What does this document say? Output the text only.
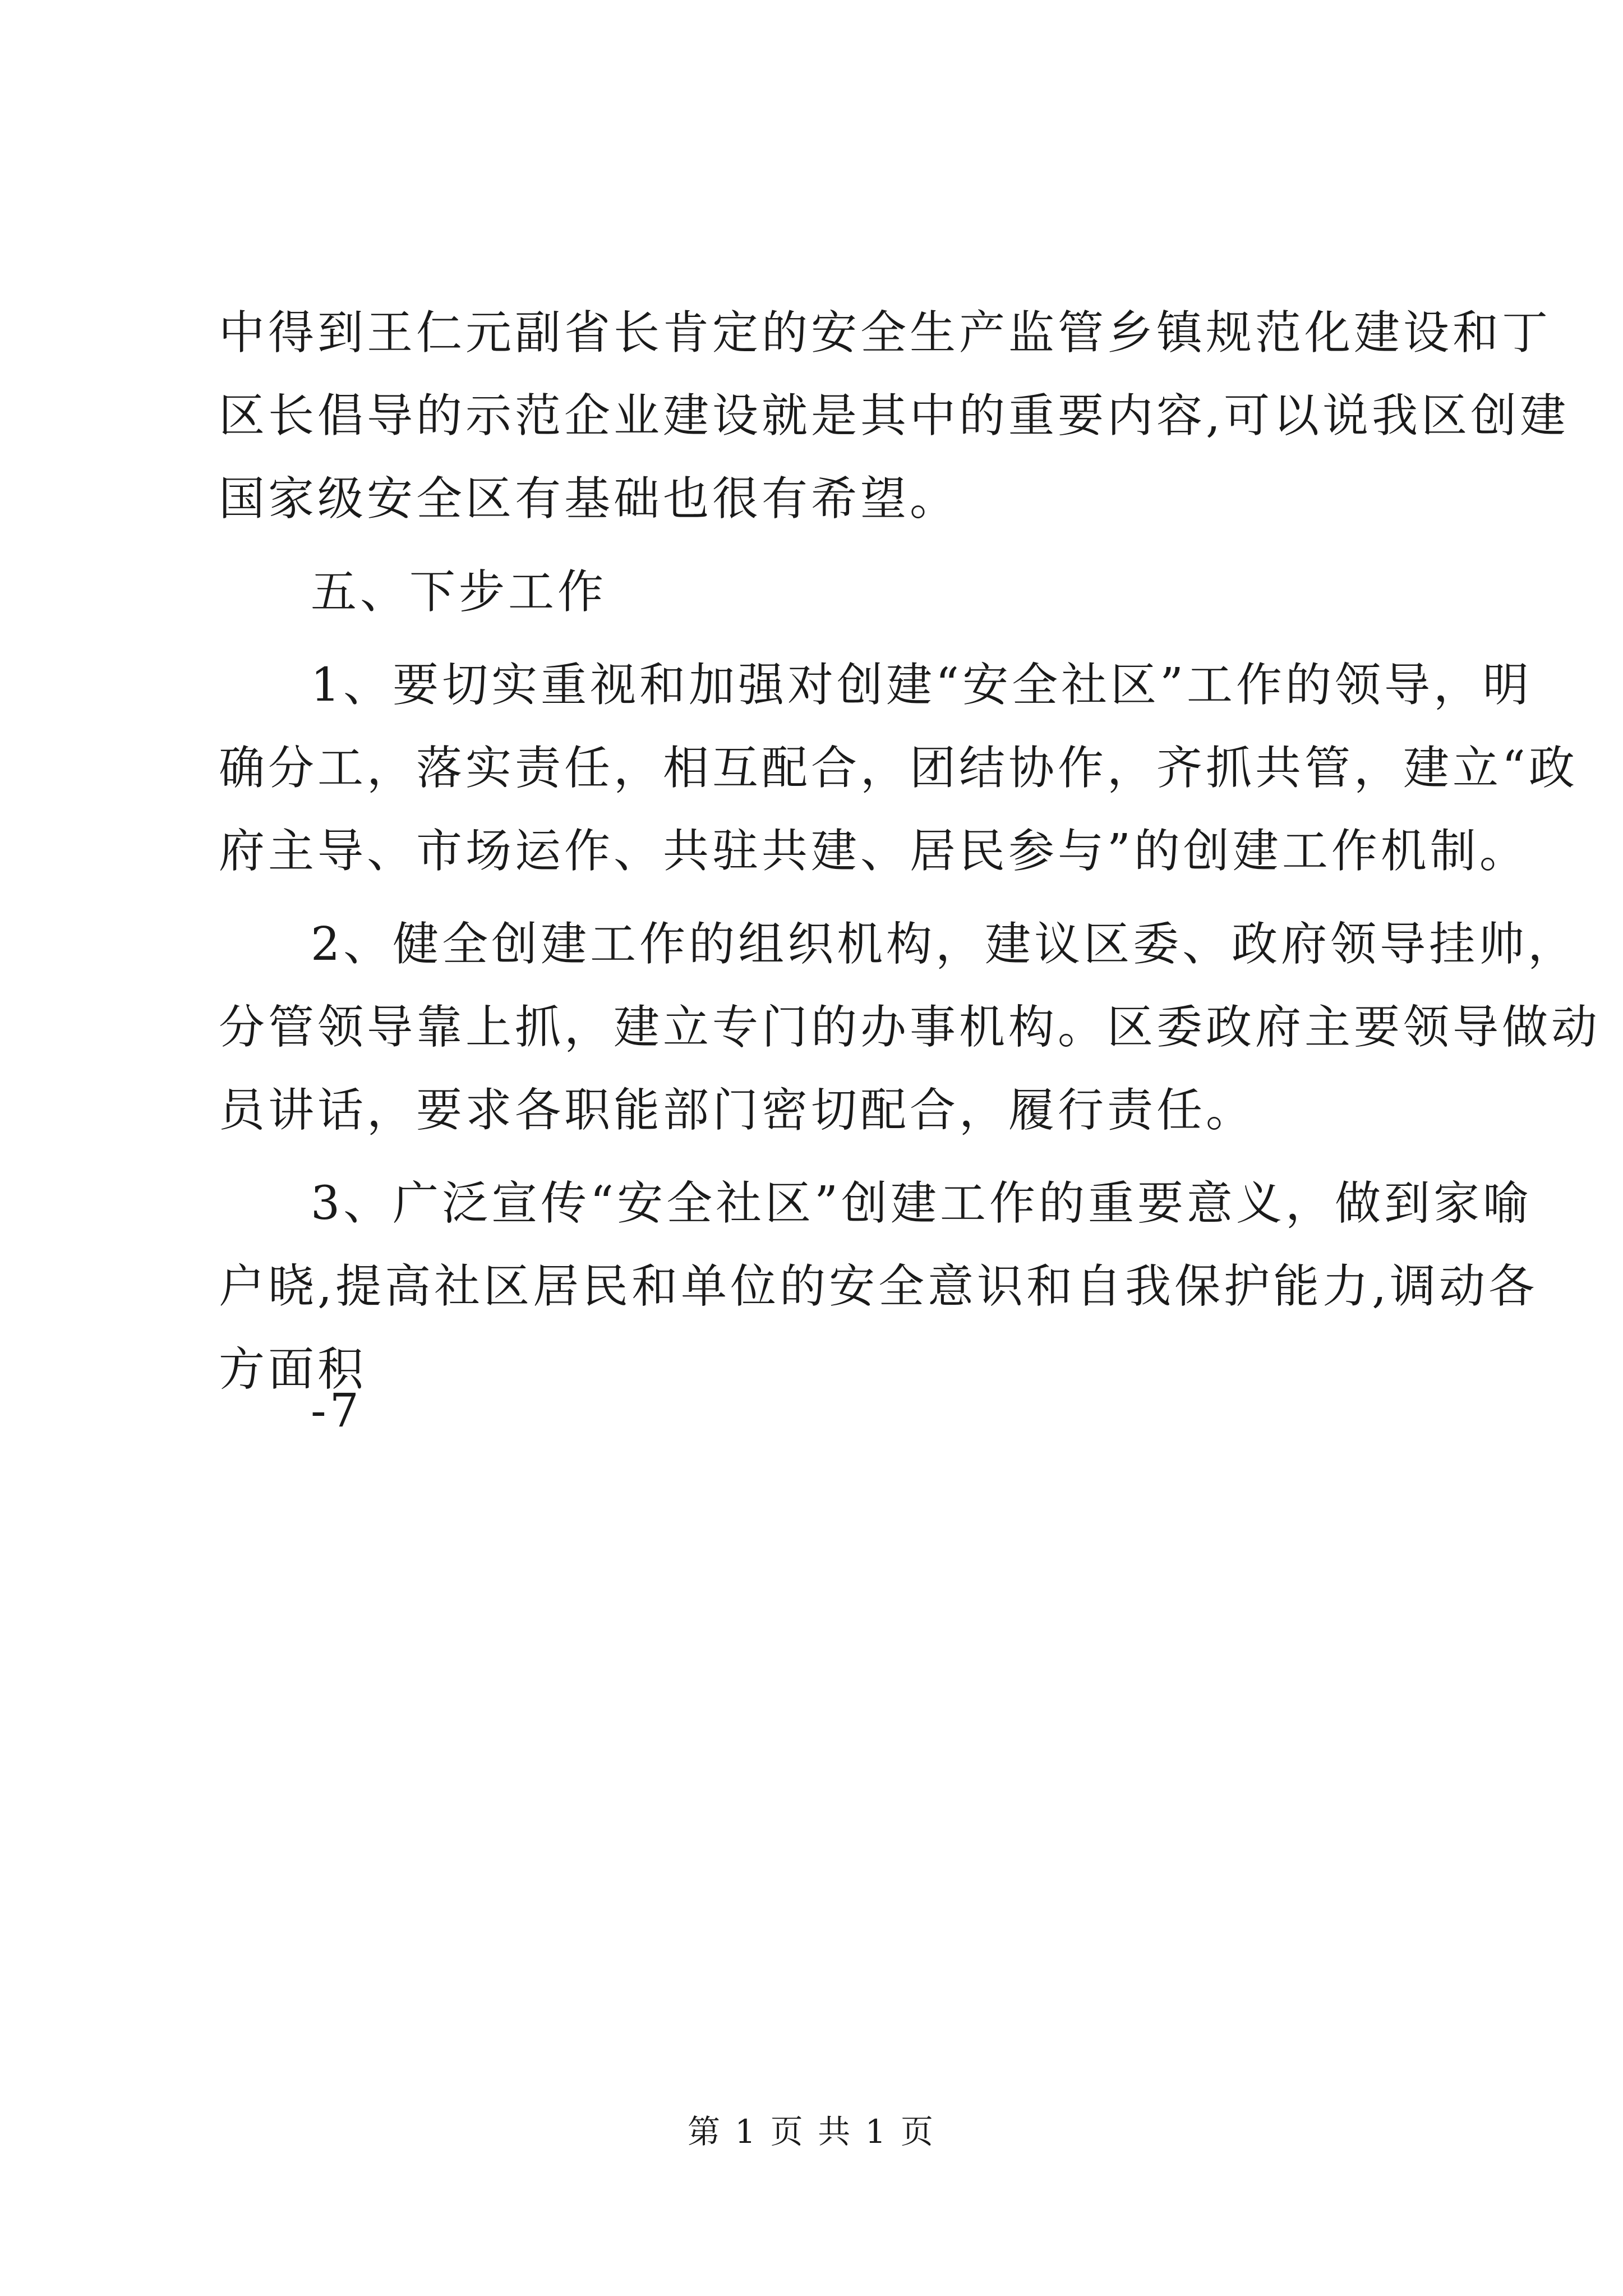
中得到王仁元副省长肯定的安全生产监管乡镇规范化建设和丁
区长倡导的示范企业建设就是其中的重要内容,可以说我区创建
国家级安全区有基础也很有希望。
五、下步工作
1、要切实重视和加强对创建“安全社区”工作的领导，明
确分工，落实责任，相互配合，团结协作，齐抓共管，建立“政
府主导、市场运作、共驻共建、居民参与”的创建工作机制。
2、健全创建工作的组织机构，建议区委、政府领导挂帅，
分管领导靠上抓，建立专门的办事机构。区委政府主要领导做动
员讲话，要求各职能部门密切配合，履行责任。
3、广泛宣传“安全社区”创建工作的重要意义，做到家喻
户晓,提高社区居民和单位的安全意识和自我保护能力,调动各
方面积
-7
第 1 页 共 1 页
